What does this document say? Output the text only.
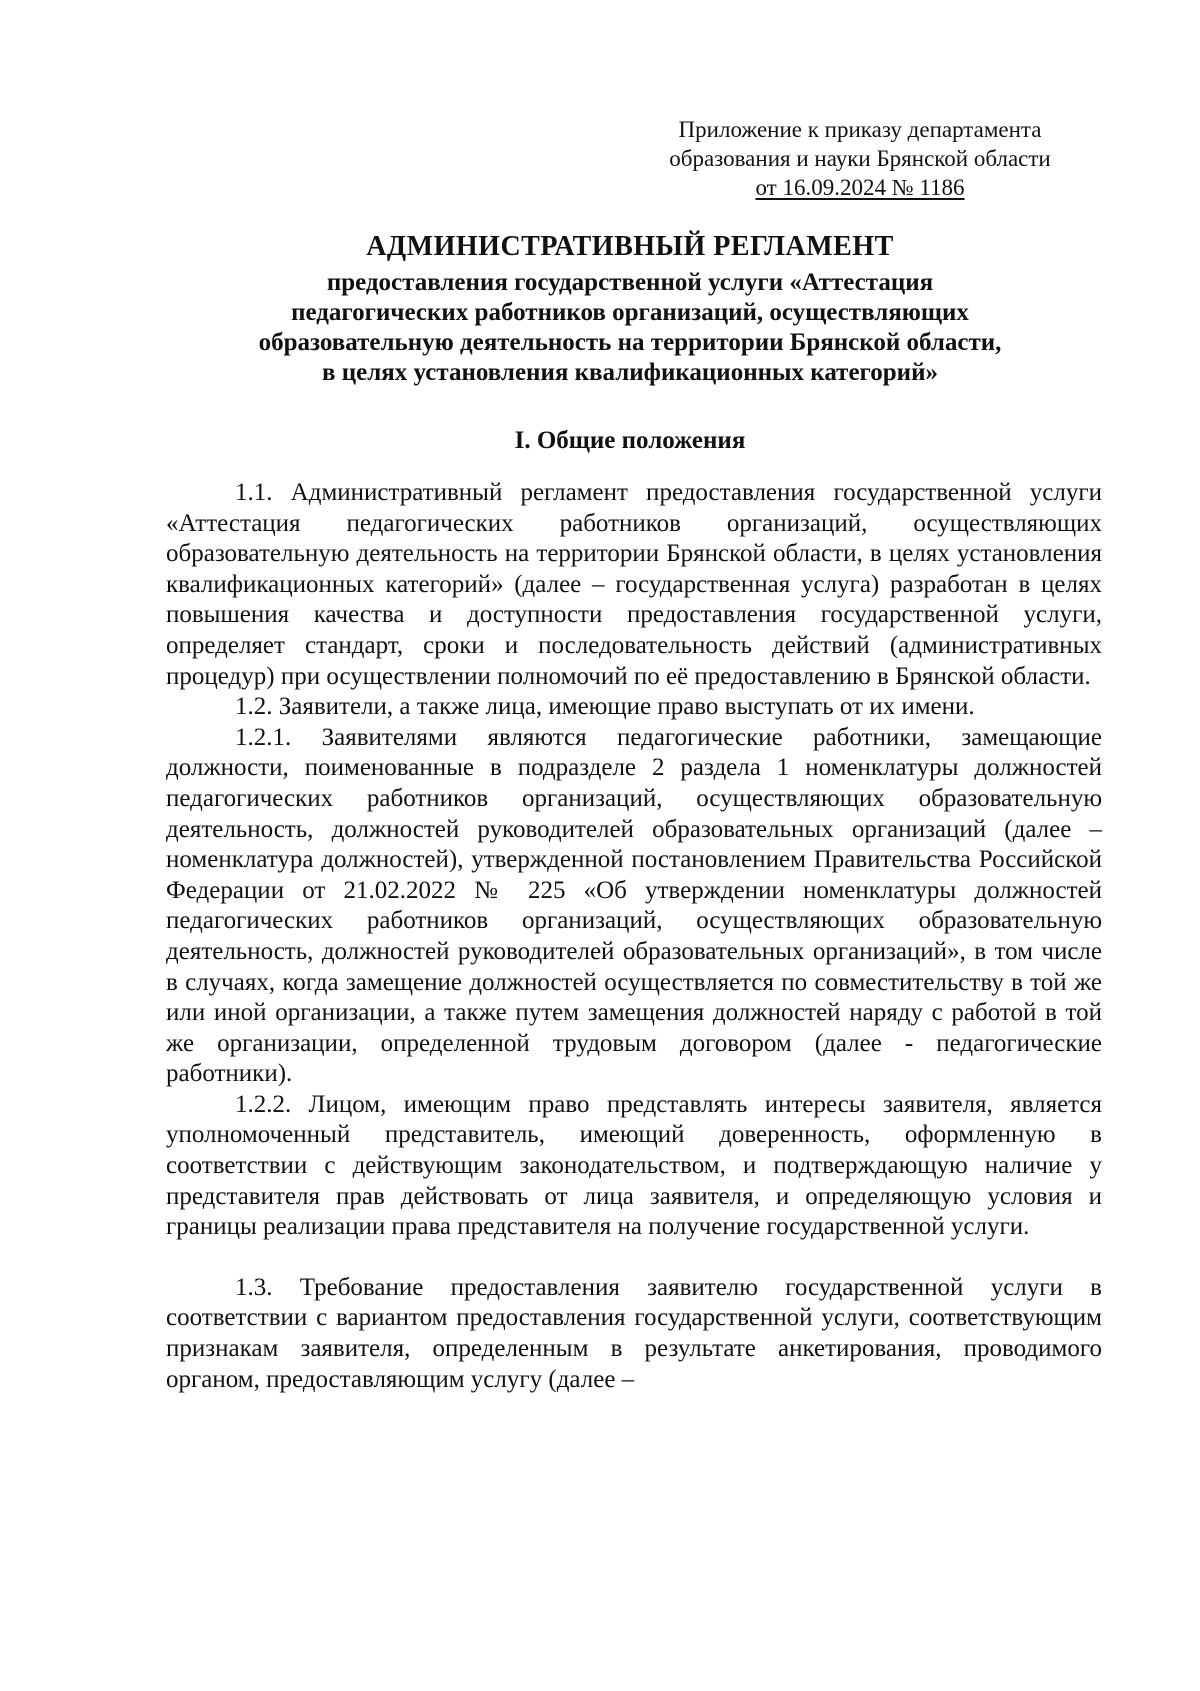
Приложение к приказу департамента
образования и науки Брянской области
от 16.09.2024 № 1186
АДМИНИСТРАТИВНЫЙ РЕГЛАМЕНТ
предоставления государственной услуги «Аттестация
педагогических работников организаций, осуществляющих
образовательную деятельность на территории Брянской области,
в целях установления квалификационных категорий»
I. Общие положения

1.1. Административный регламент предоставления государственной услуги «Аттестация педагогических работников организаций, осуществляющих образовательную деятельность на территории Брянской области, в целях установления квалификационных категорий» (далее – государственная услуга) разработан в целях повышения качества и доступности предоставления государственной услуги, определяет стандарт, сроки и последовательность действий (административных процедур) при осуществлении полномочий по её предоставлению в Брянской области.

1.2. Заявители, а также лица, имеющие право выступать от их имени.

1.2.1. Заявителями являются педагогические работники, замещающие должности, поименованные в подразделе 2 раздела 1 номенклатуры должностей педагогических работников организаций, осуществляющих образовательную деятельность, должностей руководителей образовательных организаций (далее – номенклатура должностей), утвержденной постановлением Правительства Российской Федерации от 21.02.2022 № 225 «Об утверждении номенклатуры должностей педагогических работников организаций, осуществляющих образовательную деятельность, должностей руководителей образовательных организаций», в том числе в случаях, когда замещение должностей осуществляется по совместительству в той же или иной организации, а также путем замещения должностей наряду с работой в той же организации, определенной трудовым договором (далее - педагогические работники).

1.2.2. Лицом, имеющим право представлять интересы заявителя, является уполномоченный представитель, имеющий доверенность, оформленную в соответствии с действующим законодательством, и подтверждающую наличие у представителя прав действовать от лица заявителя, и определяющую условия и границы реализации права представителя на получение государственной услуги.

1.3. Требование предоставления заявителю государственной услуги в соответствии с вариантом предоставления государственной услуги, соответствующим признакам заявителя, определенным в результате анкетирования, проводимого органом, предоставляющим услугу (далее –
